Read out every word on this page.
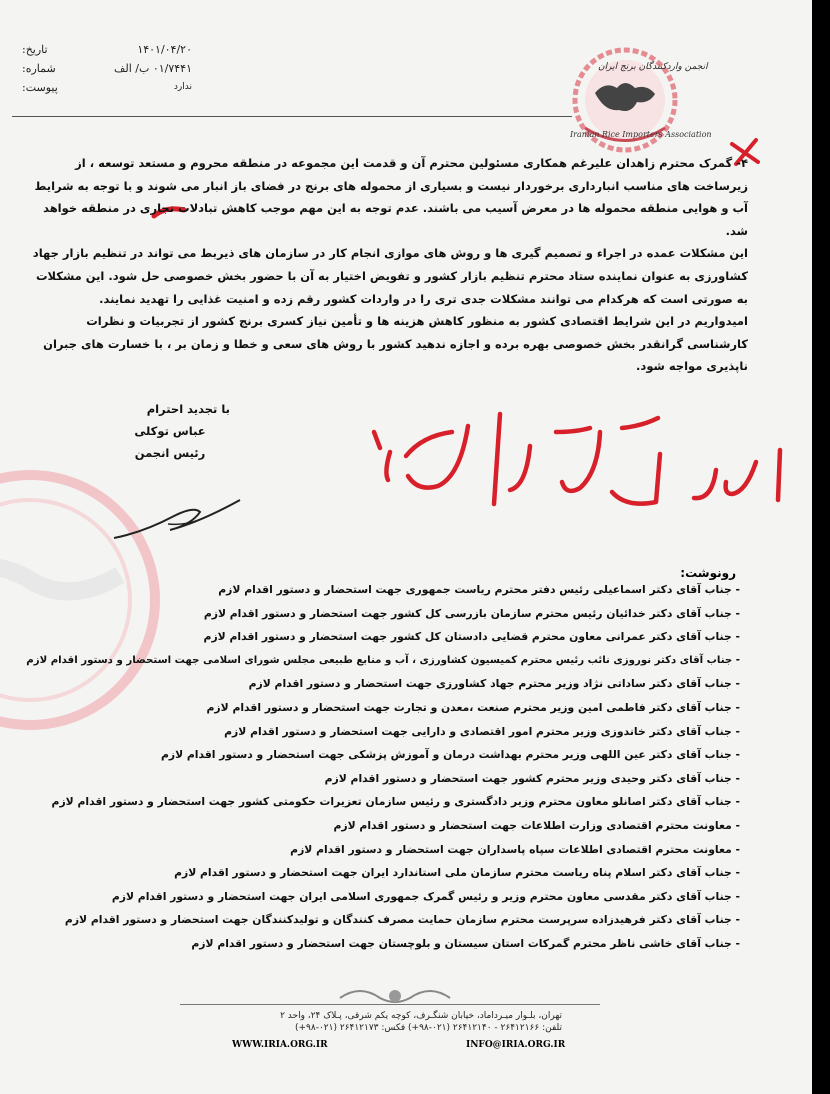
۱۴۰۱/۰۴/۲۰
تاریخ:
۰۱/۷۴۴۱ ب/ الف
شماره:
ندارد
پیوست:
انجمن واردکنندگان برنج ایران
Iranian Rice Importers Association

۴- گمرک محترم زاهدان علیرغم همکاری مسئولین محترم آن و قدمت این مجموعه در منطقه محروم و مستعد توسعه ، از زیرساخت های مناسب انبارداری برخوردار نیست و بسیاری از محموله های برنج در فضای باز انبار می شوند و با توجه به شرایط آب و هوایی منطقه محموله ها در معرض آسیب می باشند. عدم توجه به این مهم موجب کاهش تبادلات تجاری در منطقه خواهد شد.

این مشکلات عمده در اجراء و تصمیم گیری ها و روش های موازی انجام کار در سازمان های ذیربط می تواند در تنظیم بازار جهاد کشاورزی به عنوان نماینده ستاد محترم تنظیم بازار کشور و تفویض اختیار به آن با حضور بخش خصوصی حل شود. این مشکلات به صورتی است که هرکدام می توانند مشکلات جدی تری را در واردات کشور رقم زده و امنیت غذایی را تهدید نمایند.

امیدواریم در این شرایط اقتصادی کشور به منظور کاهش هزینه ها و تأمین نیاز کسری برنج کشور از تجربیات و نظرات کارشناسی گرانقدر بخش خصوصی بهره برده و اجازه ندهید کشور با روش های سعی و خطا و زمان بر ، با خسارت های جبران ناپذیری مواجه شود.

با تجدید احترام
عباس توکلی
رئیس انجمن
رونوشت:
- جناب آقای دکتر اسماعیلی رئیس دفتر محترم ریاست جمهوری جهت استحضار و دستور اقدام لازم
- جناب آقای دکتر خدائیان رئیس محترم سازمان بازرسی کل کشور جهت استحضار و دستور اقدام لازم
- جناب آقای دکتر عمرانی معاون محترم قضایی دادستان کل کشور جهت استحضار و دستور اقدام لازم
- جناب آقای دکتر نوروزی نائب رئیس محترم کمیسیون کشاورزی ، آب و منابع طبیعی مجلس شورای اسلامی جهت استحضار و دستور اقدام لازم
- جناب آقای دکتر ساداتی نژاد وزیر محترم جهاد کشاورزی جهت استحضار و دستور اقدام لازم
- جناب آقای دکتر فاطمی امین وزیر محترم صنعت ،معدن و تجارت جهت استحضار و دستور اقدام لازم
- جناب آقای دکتر خاندوزی وزیر محترم امور اقتصادی و دارایی جهت استحضار و دستور اقدام لازم
- جناب آقای دکتر عین اللهی وزیر محترم بهداشت درمان و آموزش پزشکی جهت استحضار و دستور اقدام لازم
- جناب آقای دکتر وحیدی وزیر محترم کشور جهت استحضار و دستور اقدام لازم
- جناب آقای دکتر اصانلو معاون محترم وزیر دادگستری و رئیس سازمان تعزیرات حکومتی کشور جهت استحضار و دستور اقدام لازم
- معاونت محترم اقتصادی وزارت اطلاعات جهت استحضار و دستور اقدام لازم
- معاونت محترم اقتصادی اطلاعات سپاه پاسداران جهت استحضار و دستور اقدام لازم
- جناب آقای دکتر اسلام پناه ریاست محترم سازمان ملی استاندارد ایران جهت استحضار و دستور اقدام لازم
- جناب آقای دکتر مقدسی معاون محترم وزیر و رئیس گمرک جمهوری اسلامی ایران جهت استحضار و دستور اقدام لازم
- جناب آقای دکتر فرهیدزاده سرپرست محترم سازمان حمایت مصرف کنندگان و تولیدکنندگان جهت استحضار و دستور اقدام لازم
- جناب آقای خاشی ناظر محترم گمرکات استان سیستان و بلوچستان جهت استحضار و دستور اقدام لازم
تهران، بلـوار میـرداماد، خیابان شنگـرف، کوچه یکم شرقی، پـلاک ۲۴، واحد ۲
تلفن: ۲۶۴۱۲۱۶۶ - ۲۶۴۱۲۱۴۰ (۰۲۱-۹۸+) فکس: ۲۶۴۱۲۱۷۳ (۰۲۱-۹۸+)
WWW.IRIA.ORG.IR	INFO@IRIA.ORG.IR
